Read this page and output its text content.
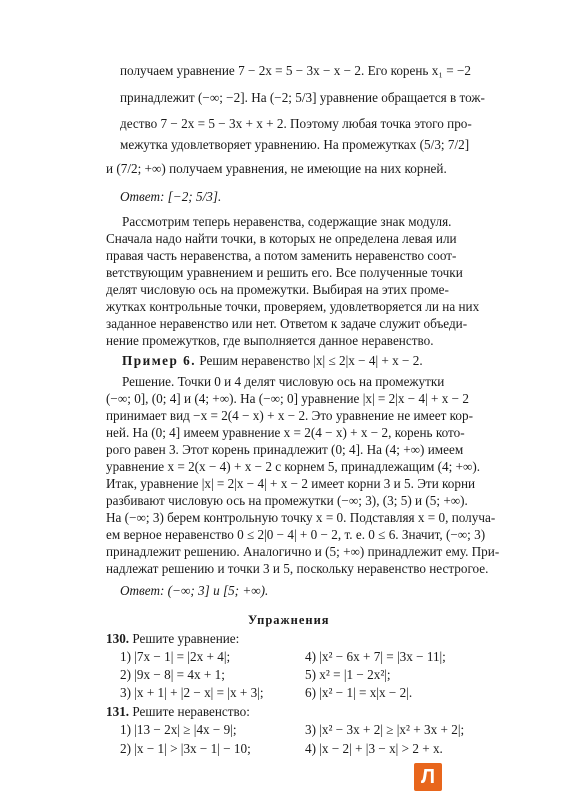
получаем уравнение 7 − 2x = 5 − 3x − x − 2. Его корень x₁ = −2
принадлежит (−∞; −2]. На (−2; 5/3] уравнение обращается в тож-
дество 7 − 2x = 5 − 3x + x + 2. Поэтому любая точка этого про-
межутка удовлетворяет уравнению. На промежутках (5/3; 7/2]
и (7/2; +∞) получаем уравнения, не имеющие на них корней.
Ответ: [−2; 5/3].
Рассмотрим теперь неравенства, содержащие знак модуля.
Сначала надо найти точки, в которых не определена левая или
правая часть неравенства, а потом заменить неравенство соот-
ветствующим уравнением и решить его. Все полученные точки
делят числовую ось на промежутки. Выбирая на этих проме-
жутках контрольные точки, проверяем, удовлетворяется ли на них
заданное неравенство или нет. Ответом к задаче служит объеди-
нение промежутков, где выполняется данное неравенство.
Пример 6. Решим неравенство |x| ≤ 2|x − 4| + x − 2.
Решение. Точки 0 и 4 делят числовую ось на промежутки
(−∞; 0], (0; 4] и (4; +∞). На (−∞; 0] уравнение |x| = 2|x − 4| + x − 2
принимает вид −x = 2(4 − x) + x − 2. Это уравнение не имеет кор-
ней. На (0; 4] имеем уравнение x = 2(4 − x) + x − 2, корень кото-
рого равен 3. Этот корень принадлежит (0; 4]. На (4; +∞) имеем
уравнение x = 2(x − 4) + x − 2 с корнем 5, принадлежащим (4; +∞).
Итак, уравнение |x| = 2|x − 4| + x − 2 имеет корни 3 и 5. Эти корни
разбивают числовую ось на промежутки (−∞; 3), (3; 5) и (5; +∞).
На (−∞; 3) берем контрольную точку x = 0. Подставляя x = 0, получа-
ем верное неравенство 0 ≤ 2|0 − 4| + 0 − 2, т. е. 0 ≤ 6. Значит, (−∞; 3)
принадлежит решению. Аналогично и (5; +∞) принадлежит ему. При-
надлежат решению и точки 3 и 5, поскольку неравенство нестрогое.
Ответ: (−∞; 3] и [5; +∞).
Упражнения
130. Решите уравнение:
1) |7x − 1| = |2x + 4|;
2) |9x − 8| = 4x + 1;
3) |x + 1| + |2 − x| = |x + 3|;
4) |x² − 6x + 7| = |3x − 11|;
5) x² = |1 − 2x²|;
6) |x² − 1| = x|x − 2|.
131. Решите неравенство:
1) |13 − 2x| ≥ |4x − 9|;
2) |x − 1| > |3x − 1| − 10;
3) |x² − 3x + 2| ≥ |x² + 3x + 2|;
4) |x − 2| + |3 − x| > 2 + x.
Л
